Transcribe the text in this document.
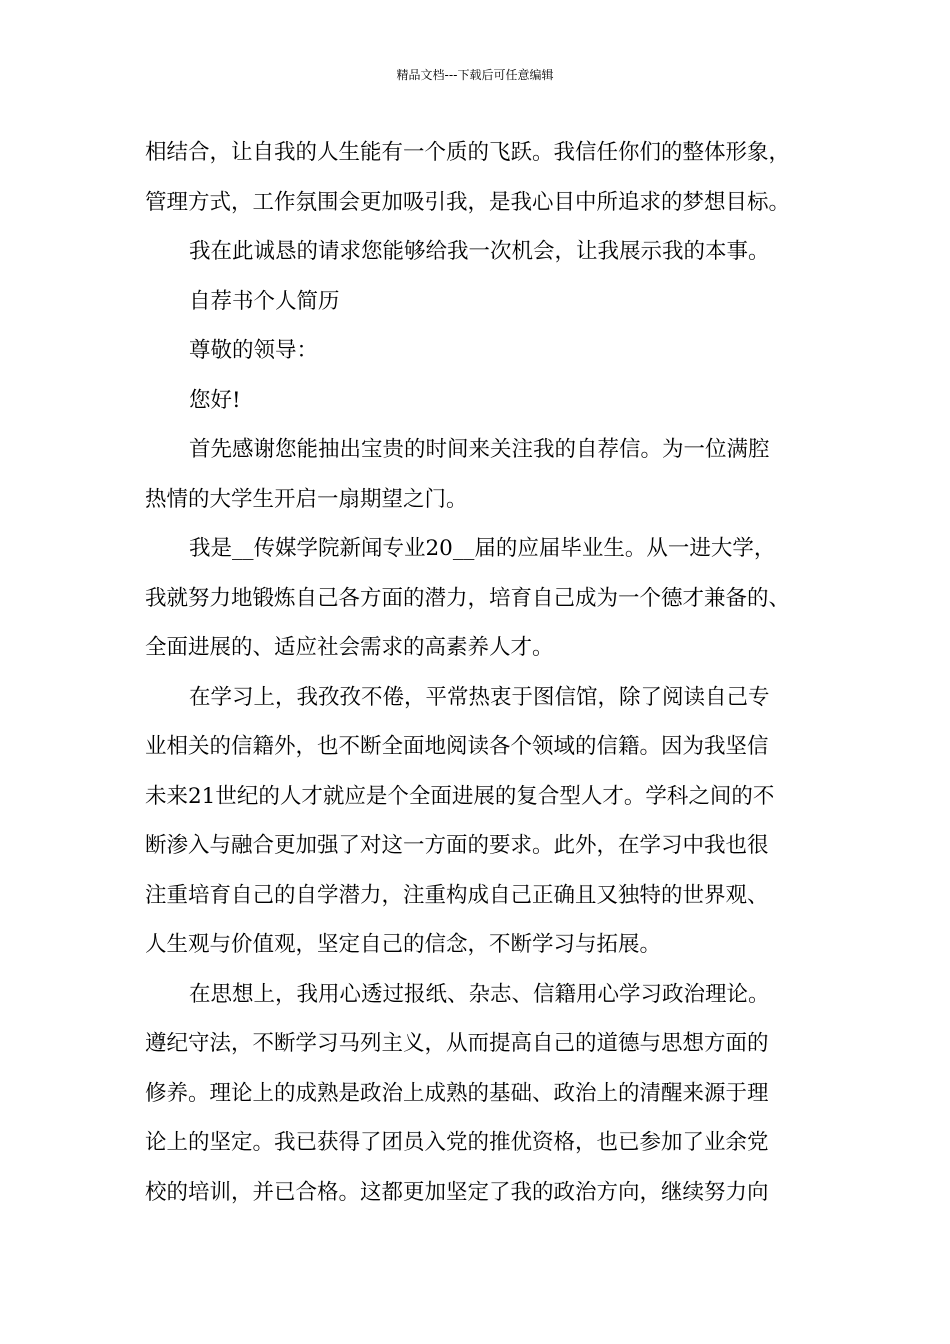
精品文档---下载后可任意编辑
相结合，让自我的人生能有一个质的飞跃。我信任你们的整体形象，
管理方式，工作氛围会更加吸引我，是我心目中所追求的梦想目标。
我在此诚恳的请求您能够给我一次机会，让我展示我的本事。
自荐书个人简历
尊敬的领导：
您好!
首先感谢您能抽出宝贵的时间来关注我的自荐信。为一位满腔
热情的大学生开启一扇期望之门。
我是__传媒学院新闻专业20__届的应届毕业生。从一进大学，
我就努力地锻炼自己各方面的潜力，培育自己成为一个德才兼备的、
全面进展的、适应社会需求的高素养人才。
在学习上，我孜孜不倦，平常热衷于图信馆，除了阅读自己专
业相关的信籍外，也不断全面地阅读各个领域的信籍。因为我坚信
未来21世纪的人才就应是个全面进展的复合型人才。学科之间的不
断渗入与融合更加强了对这一方面的要求。此外，在学习中我也很
注重培育自己的自学潜力，注重构成自己正确且又独特的世界观、
人生观与价值观，坚定自己的信念，不断学习与拓展。
在思想上，我用心透过报纸、杂志、信籍用心学习政治理论。
遵纪守法，不断学习马列主义，从而提高自己的道德与思想方面的
修养。理论上的成熟是政治上成熟的基础、政治上的清醒来源于理
论上的坚定。我已获得了团员入党的推优资格，也已参加了业余党
校的培训，并已合格。这都更加坚定了我的政治方向，继续努力向
